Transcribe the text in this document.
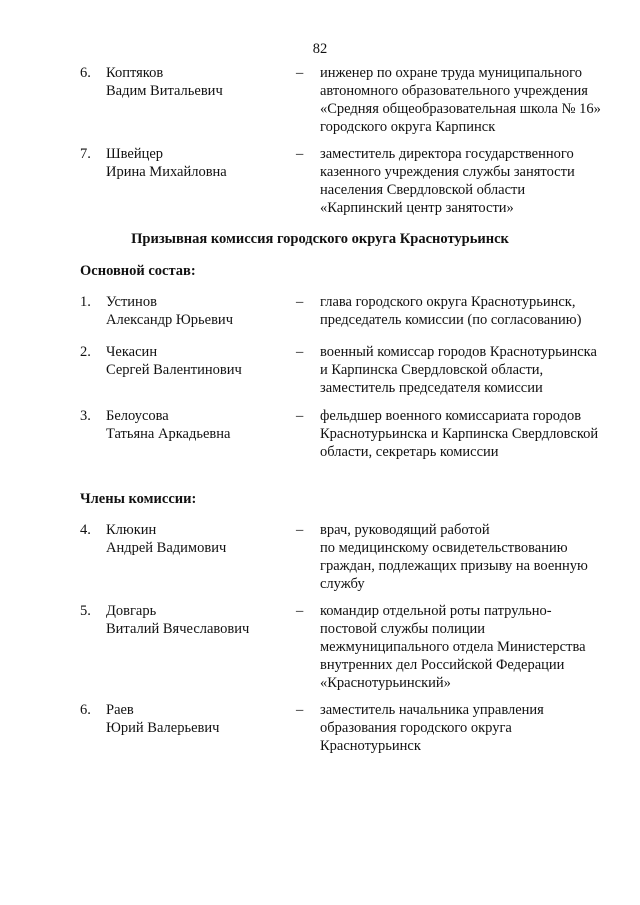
82
6.	Коптяков
Вадим Витальевич
–	инженер по охране труда муниципального
автономного образовательного учреждения
«Средняя общеобразовательная школа № 16»
городского округа Карпинск
7.	Швейцер
Ирина Михайловна
–	заместитель директора государственного
казенного учреждения службы занятости
населения Свердловской области
«Карпинский центр занятости»
Призывная комиссия городского округа Краснотурьинск
Основной состав:
1.	Устинов
Александр Юрьевич
–	глава городского округа Краснотурьинск,
председатель комиссии (по согласованию)
2.	Чекасин
Сергей Валентинович
–	военный комиссар городов Краснотурьинска
и Карпинска Свердловской области,
заместитель председателя комиссии
3.	Белоусова
Татьяна Аркадьевна
–	фельдшер военного комиссариата городов
Краснотурьинска и Карпинска Свердловской
области, секретарь комиссии
Члены комиссии:
4.	Клюкин
Андрей Вадимович
–	врач, руководящий работой
по медицинскому освидетельствованию
граждан, подлежащих призыву на военную
службу
5.	Довгарь
Виталий Вячеславович
–	командир отдельной роты патрульно-
постовой службы полиции
межмуниципального отдела Министерства
внутренних дел Российской Федерации
«Краснотурьинский»
6.	Раев
Юрий Валерьевич
–	заместитель начальника управления
образования городского округа
Краснотурьинск
